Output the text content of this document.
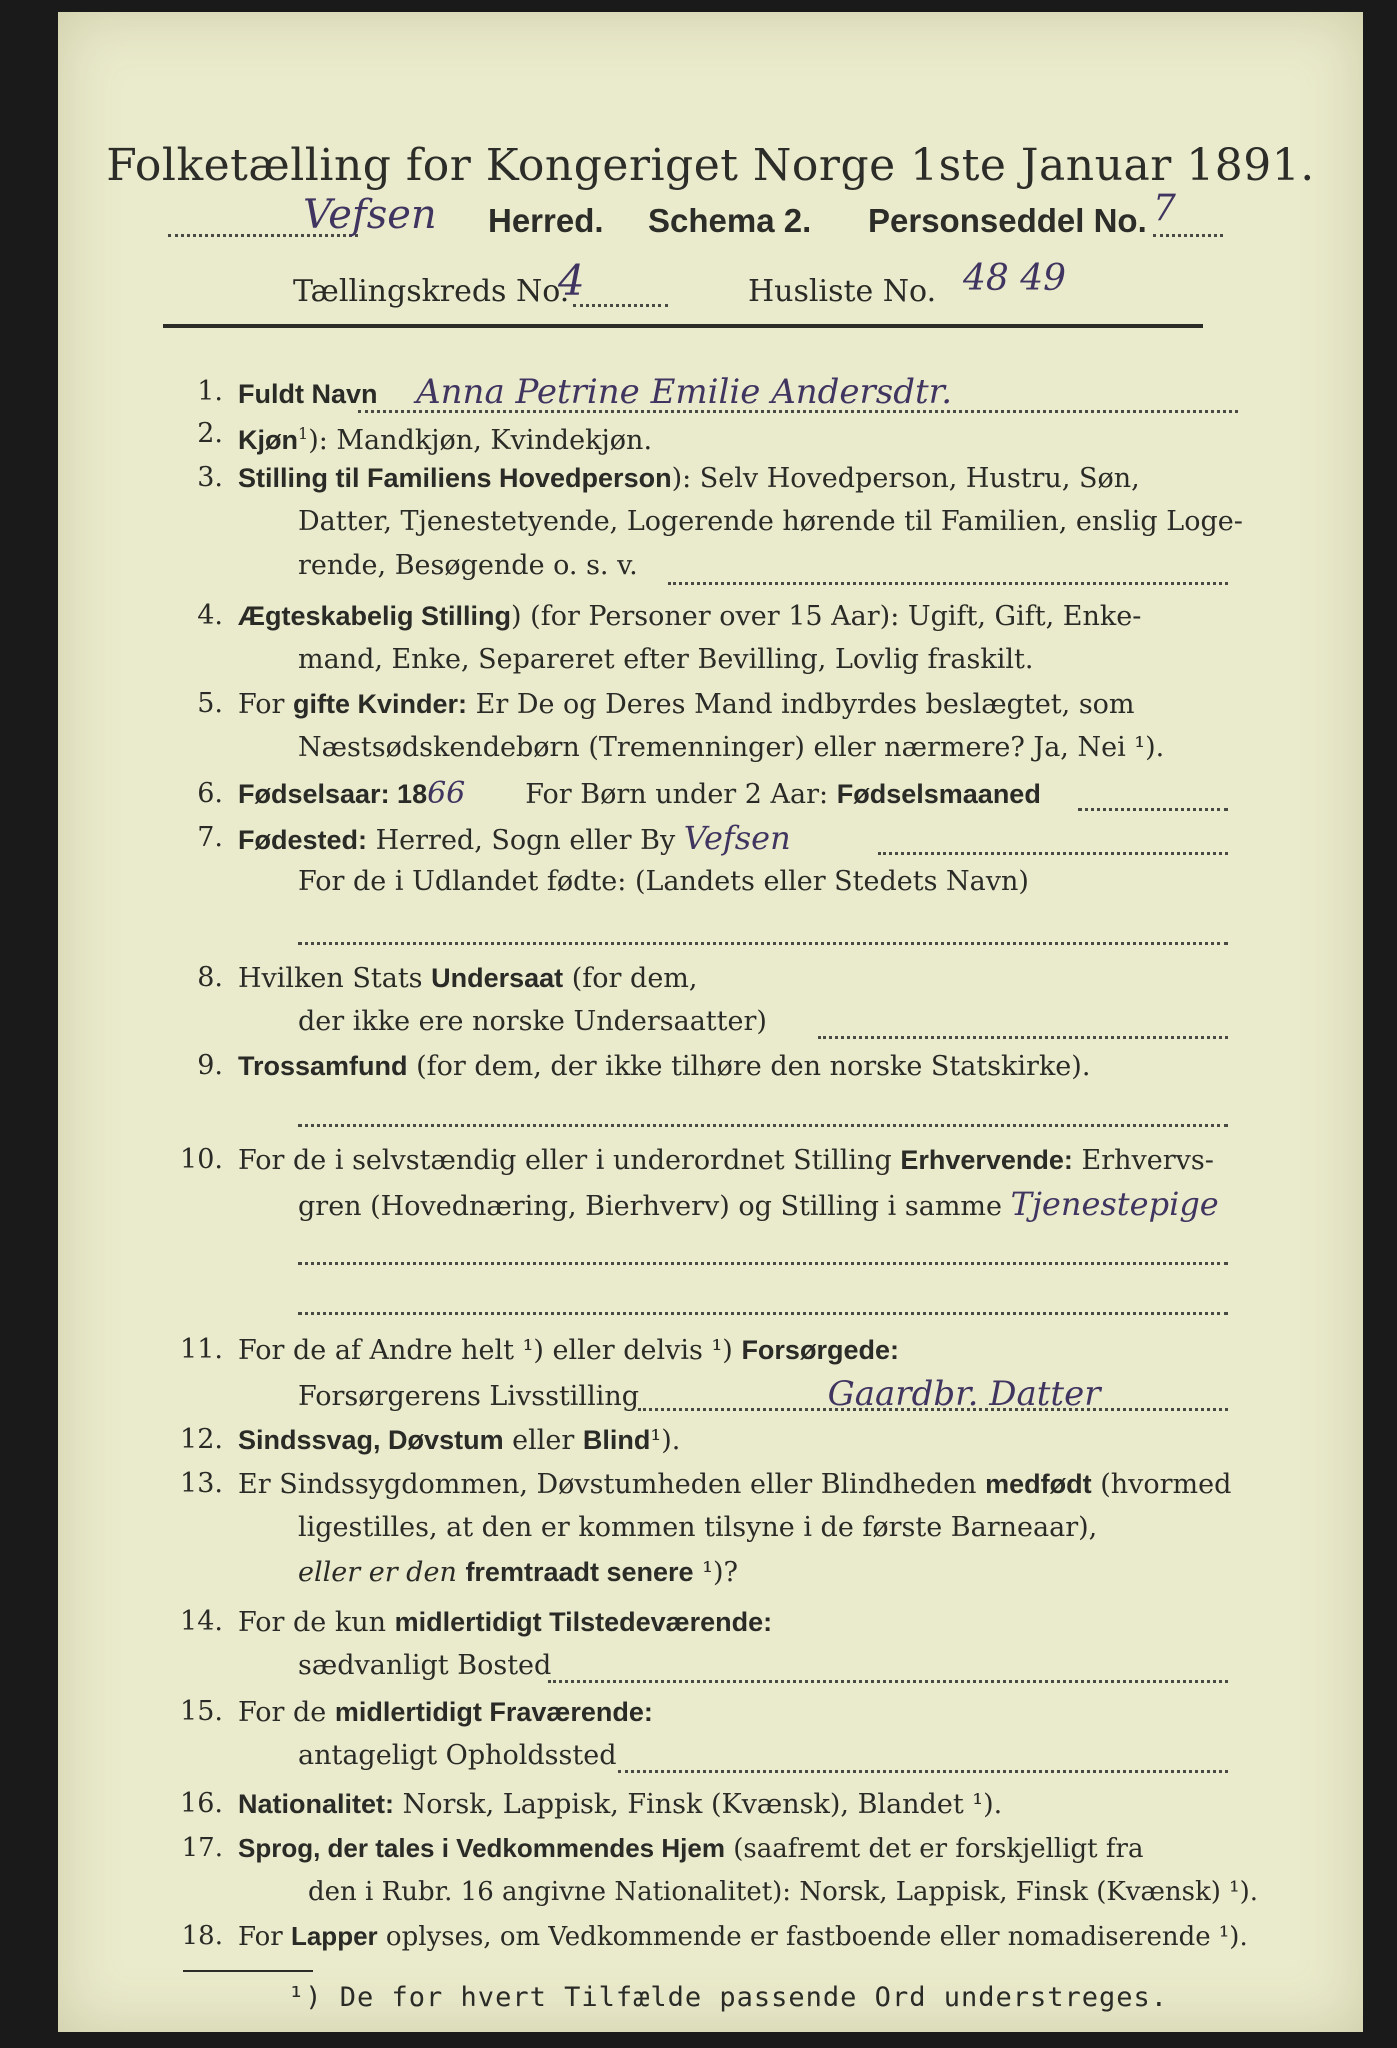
Folketælling for Kongeriget Norge 1ste Januar 1891.
Vefsen Herred. Schema 2. Personseddel No. 7
Tællingskreds No.
4	Husliste No. 48 49
1. Fuldt Navn Anna Petrine Emilie Andersdtr.
2. Kjøn$^1$): Mandkjøn, Kvindekjøn.
3. Stilling til Familiens Hovedperson): Selv Hovedperson, Hustru, Søn,
Datter, Tjenestetyende, Logerende hørende til Familien, enslig Loge-
rende, Besøgende o. s. v.
4. Ægteskabelig Stilling) (for Personer over 15 Aar): Ugift, Gift, Enke-
mand, Enke, Separeret efter Bevilling, Lovlig fraskilt.
5. For gifte Kvinder: Er De og Deres Mand indbyrdes beslægtet, som
Næstsødskendebørn (Tremenninger) eller nærmere? Ja, Nei ¹).
6. Fødselsaar: 1866 For Børn under 2 Aar: Fødselsmaaned
7. Fødested: Herred, Sogn eller By Vefsen
For de i Udlandet fødte: (Landets eller Stedets Navn)
8. Hvilken Stats Undersaat (for dem,
der ikke ere norske Undersaatter)
9. Trossamfund (for dem, der ikke tilhøre den norske Statskirke).
10. For de i selvstændig eller i underordnet Stilling Erhvervende: Erhvervs-
gren (Hovednæring, Bierhverv) og Stilling i samme Tjenestepige
11. For de af Andre helt ¹) eller delvis ¹) Forsørgede:
Forsørgerens Livsstilling	Gaardbr. Datter
12. Sindssvag, Døvstum eller Blind¹).
13. Er Sindssygdommen, Døvstumheden eller Blindheden medfødt (hvormed
ligestilles, at den er kommen tilsyne i de første Barneaar),
eller er den fremtraadt senere ¹)?
14. For de kun midlertidigt Tilstedeværende:
sædvanligt Bosted
15. For de midlertidigt Fraværende:
antageligt Opholdssted
16. Nationalitet: Norsk, Lappisk, Finsk (Kvænsk), Blandet ¹).
17. Sprog, der tales i Vedkommendes Hjem (saafremt det er forskjelligt fra
den i Rubr. 16 angivne Nationalitet): Norsk, Lappisk, Finsk (Kvænsk) ¹).
18. For Lapper oplyses, om Vedkommende er fastboende eller nomadiserende ¹).
¹) De for hvert Tilfælde passende Ord understreges.
